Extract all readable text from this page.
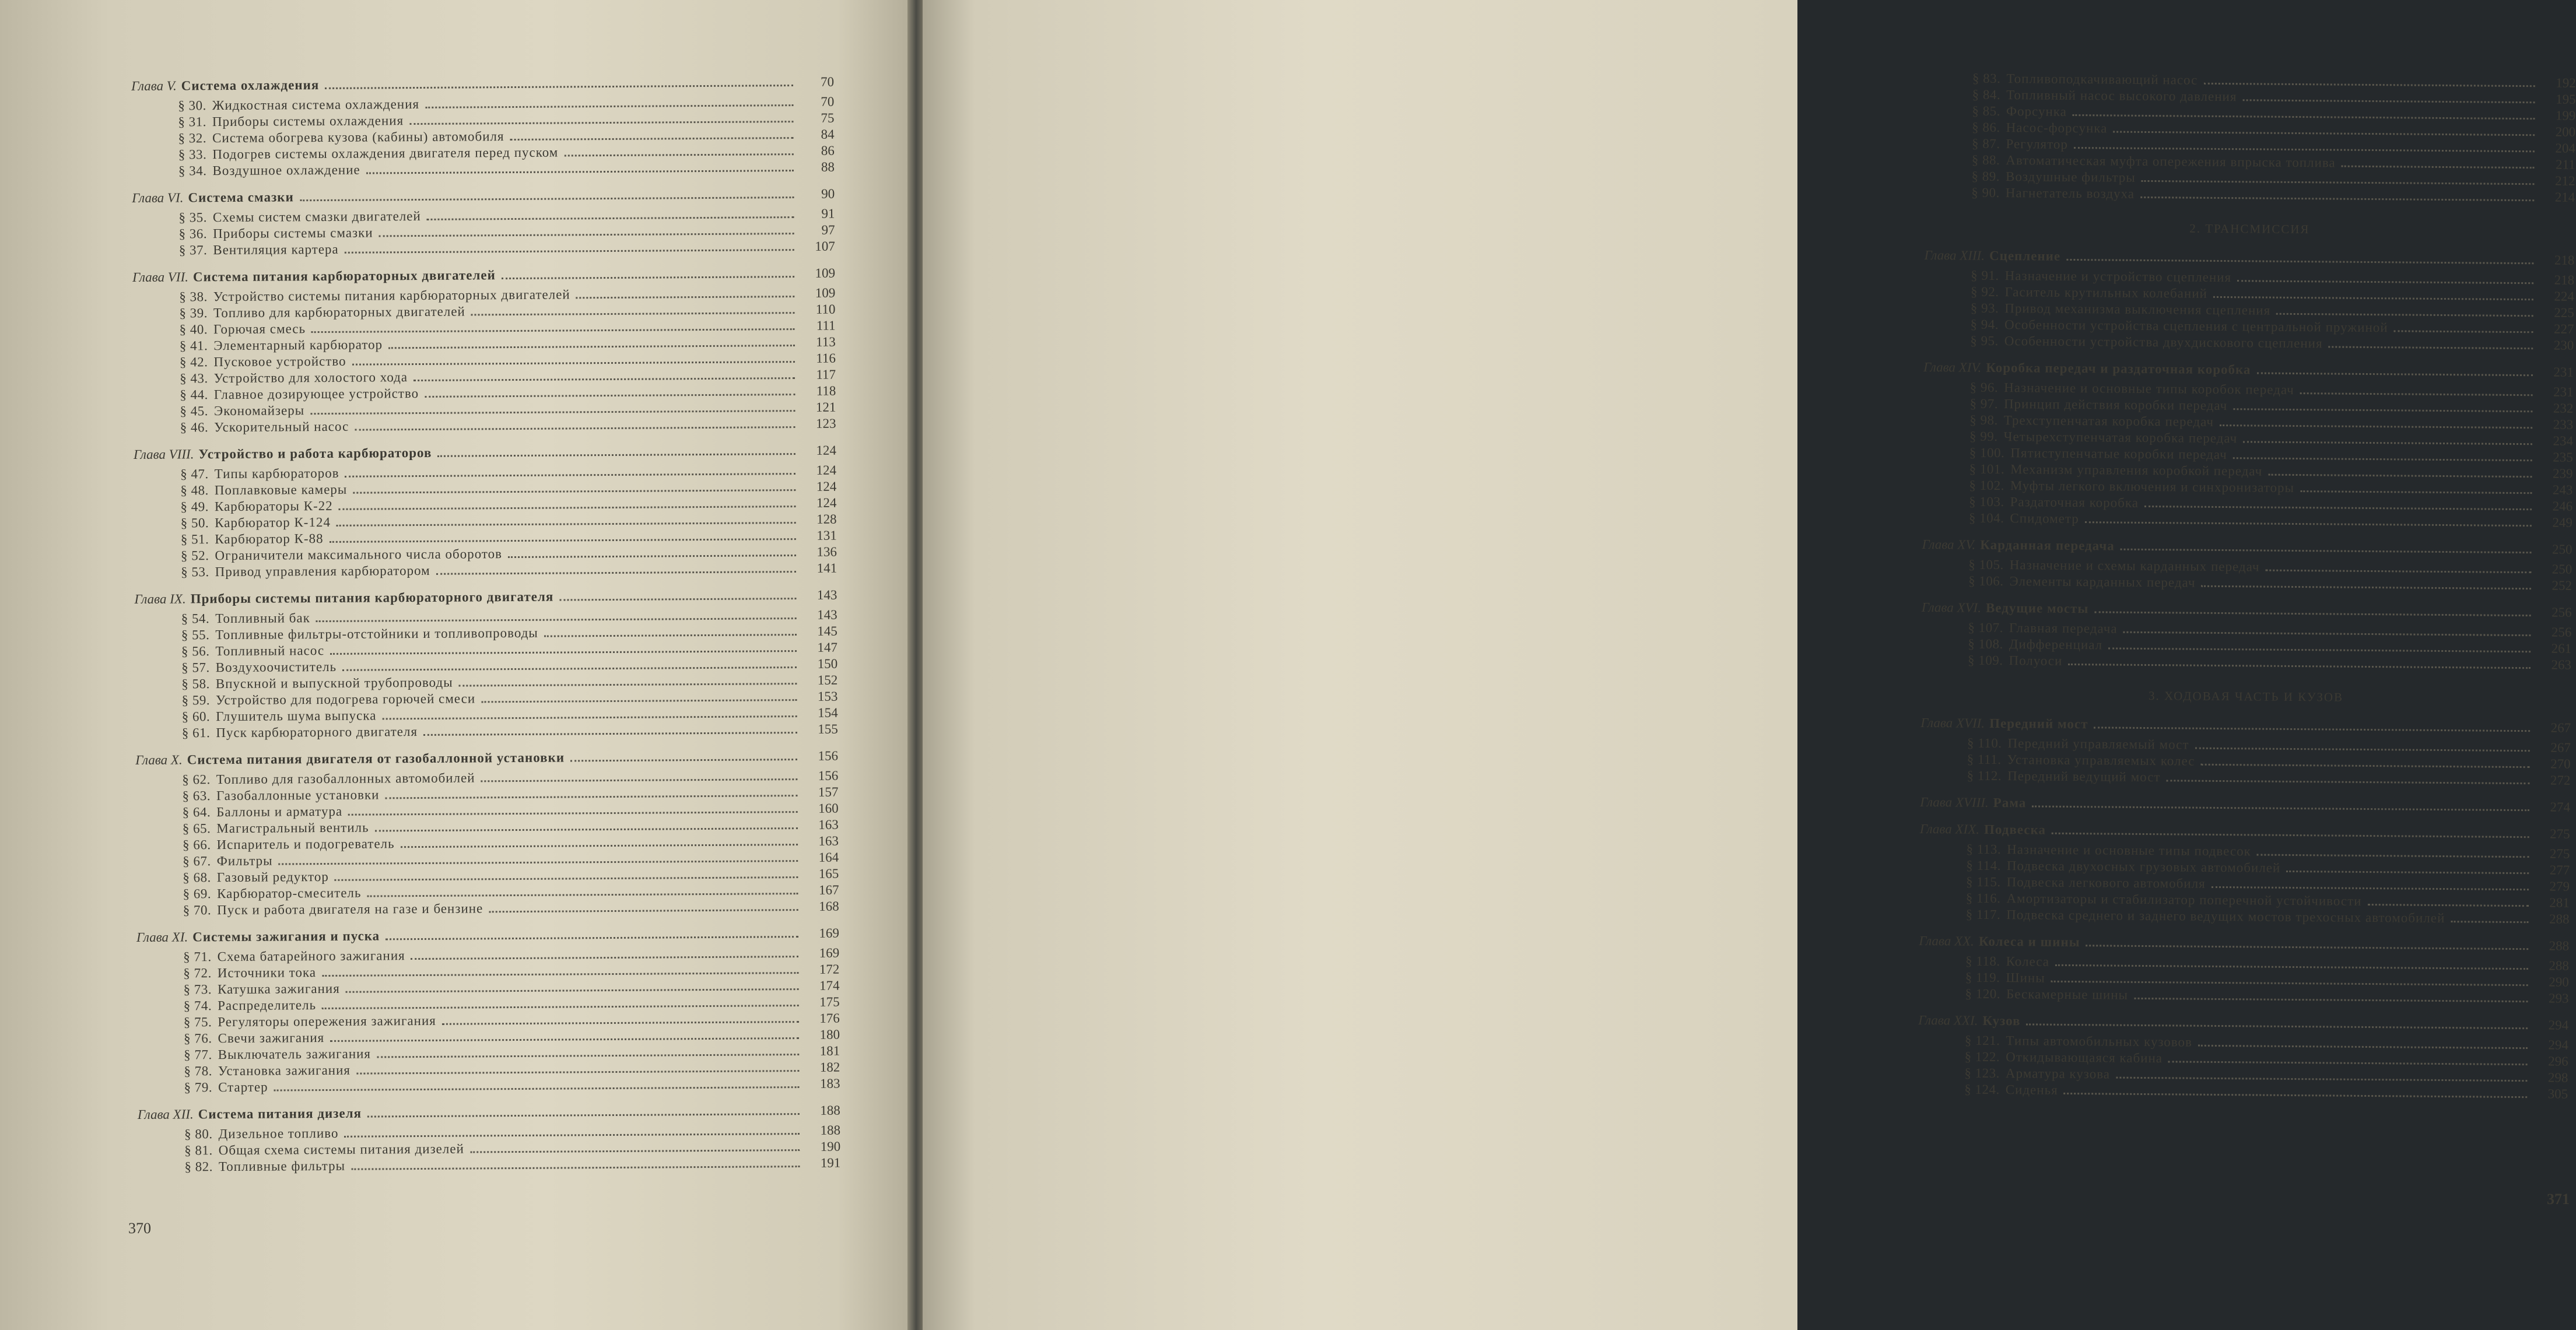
Глава V. Система охлаждения	70
§ 30. Жидкостная система охлаждения	70
§ 31. Приборы системы охлаждения	75
§ 32. Система обогрева кузова (кабины) автомобиля	84
§ 33. Подогрев системы охлаждения двигателя перед пуском	86
§ 34. Воздушное охлаждение	88
Глава VI. Система смазки	90
§ 35. Схемы систем смазки двигателей	91
§ 36. Приборы системы смазки	97
§ 37. Вентиляция картера	107
Глава VII. Система питания карбюраторных двигателей	109
§ 38. Устройство системы питания карбюраторных двигателей	109
§ 39. Топливо для карбюраторных двигателей	110
§ 40. Горючая смесь	111
§ 41. Элементарный карбюратор	113
§ 42. Пусковое устройство	116
§ 43. Устройство для холостого хода	117
§ 44. Главное дозирующее устройство	118
§ 45. Экономайзеры	121
§ 46. Ускорительный насос	123
Глава VIII. Устройство и работа карбюраторов	124
§ 47. Типы карбюраторов	124
§ 48. Поплавковые камеры	124
§ 49. Карбюраторы К-22	124
§ 50. Карбюратор К-124	128
§ 51. Карбюратор К-88	131
§ 52. Ограничители максимального числа оборотов	136
§ 53. Привод управления карбюратором	141
Глава IX. Приборы системы питания карбюраторного двигателя	143
§ 54. Топливный бак	143
§ 55. Топливные фильтры-отстойники и топливопроводы	145
§ 56. Топливный насос	147
§ 57. Воздухоочиститель	150
§ 58. Впускной и выпускной трубопроводы	152
§ 59. Устройство для подогрева горючей смеси	153
§ 60. Глушитель шума выпуска	154
§ 61. Пуск карбюраторного двигателя	155
Глава X. Система питания двигателя от газобаллонной установки	156
§ 62. Топливо для газобаллонных автомобилей	156
§ 63. Газобаллонные установки	157
§ 64. Баллоны и арматура	160
§ 65. Магистральный вентиль	163
§ 66. Испаритель и подогреватель	163
§ 67. Фильтры	164
§ 68. Газовый редуктор	165
§ 69. Карбюратор-смеситель	167
§ 70. Пуск и работа двигателя на газе и бензине	168
Глава XI. Системы зажигания и пуска	169
§ 71. Схема батарейного зажигания	169
§ 72. Источники тока	172
§ 73. Катушка зажигания	174
§ 74. Распределитель	175
§ 75. Регуляторы опережения зажигания	176
§ 76. Свечи зажигания	180
§ 77. Выключатель зажигания	181
§ 78. Установка зажигания	182
§ 79. Стартер	183
Глава XII. Система питания дизеля	188
§ 80. Дизельное топливо	188
§ 81. Общая схема системы питания дизелей	190
§ 82. Топливные фильтры	191
370
§ 83. Топливоподкачивающий насос	192
§ 84. Топливный насос высокого давления	195
§ 85. Форсунка	199
§ 86. Насос-форсунка	200
§ 87. Регулятор	204
§ 88. Автоматическая муфта опережения впрыска топлива	211
§ 89. Воздушные фильтры	212
§ 90. Нагнетатель воздуха	214
2. ТРАНСМИССИЯ
Глава XIII. Сцепление	218
§ 91. Назначение и устройство сцепления	218
§ 92. Гаситель крутильных колебаний	224
§ 93. Привод механизма выключения сцепления	225
§ 94. Особенности устройства сцепления с центральной пружиной	227
§ 95. Особенности устройства двухдискового сцепления	230
Глава XIV. Коробка передач и раздаточная коробка	231
§ 96. Назначение и основные типы коробок передач	231
§ 97. Принцип действия коробки передач	232
§ 98. Трехступенчатая коробка передач	233
§ 99. Четырехступенчатая коробка передач	234
§ 100. Пятиступенчатые коробки передач	235
§ 101. Механизм управления коробкой передач	239
§ 102. Муфты легкого включения и синхронизаторы	243
§ 103. Раздаточная коробка	246
§ 104. Спидометр	249
Глава XV. Карданная передача	250
§ 105. Назначение и схемы карданных передач	250
§ 106. Элементы карданных передач	252
Глава XVI. Ведущие мосты	256
§ 107. Главная передача	256
§ 108. Дифференциал	261
§ 109. Полуоси	263
3. ХОДОВАЯ ЧАСТЬ И КУЗОВ
Глава XVII. Передний мост	267
§ 110. Передний управляемый мост	267
§ 111. Установка управляемых колес	270
§ 112. Передний ведущий мост	272
Глава XVIII. Рама	274
Глава XIX. Подвеска	275
§ 113. Назначение и основные типы подвесок	275
§ 114. Подвеска двухосных грузовых автомобилей	277
§ 115. Подвеска легкового автомобиля	279
§ 116. Амортизаторы и стабилизатор поперечной устойчивости	281
§ 117. Подвеска среднего и заднего ведущих мостов трехосных автомобилей	288
Глава XX. Колеса и шины	288
§ 118. Колеса	288
§ 119. Шины	290
§ 120. Бескамерные шины	293
Глава XXI. Кузов	294
§ 121. Типы автомобильных кузовов	294
§ 122. Откидывающаяся кабина	296
§ 123. Арматура кузова	298
§ 124. Сиденья	305
371
